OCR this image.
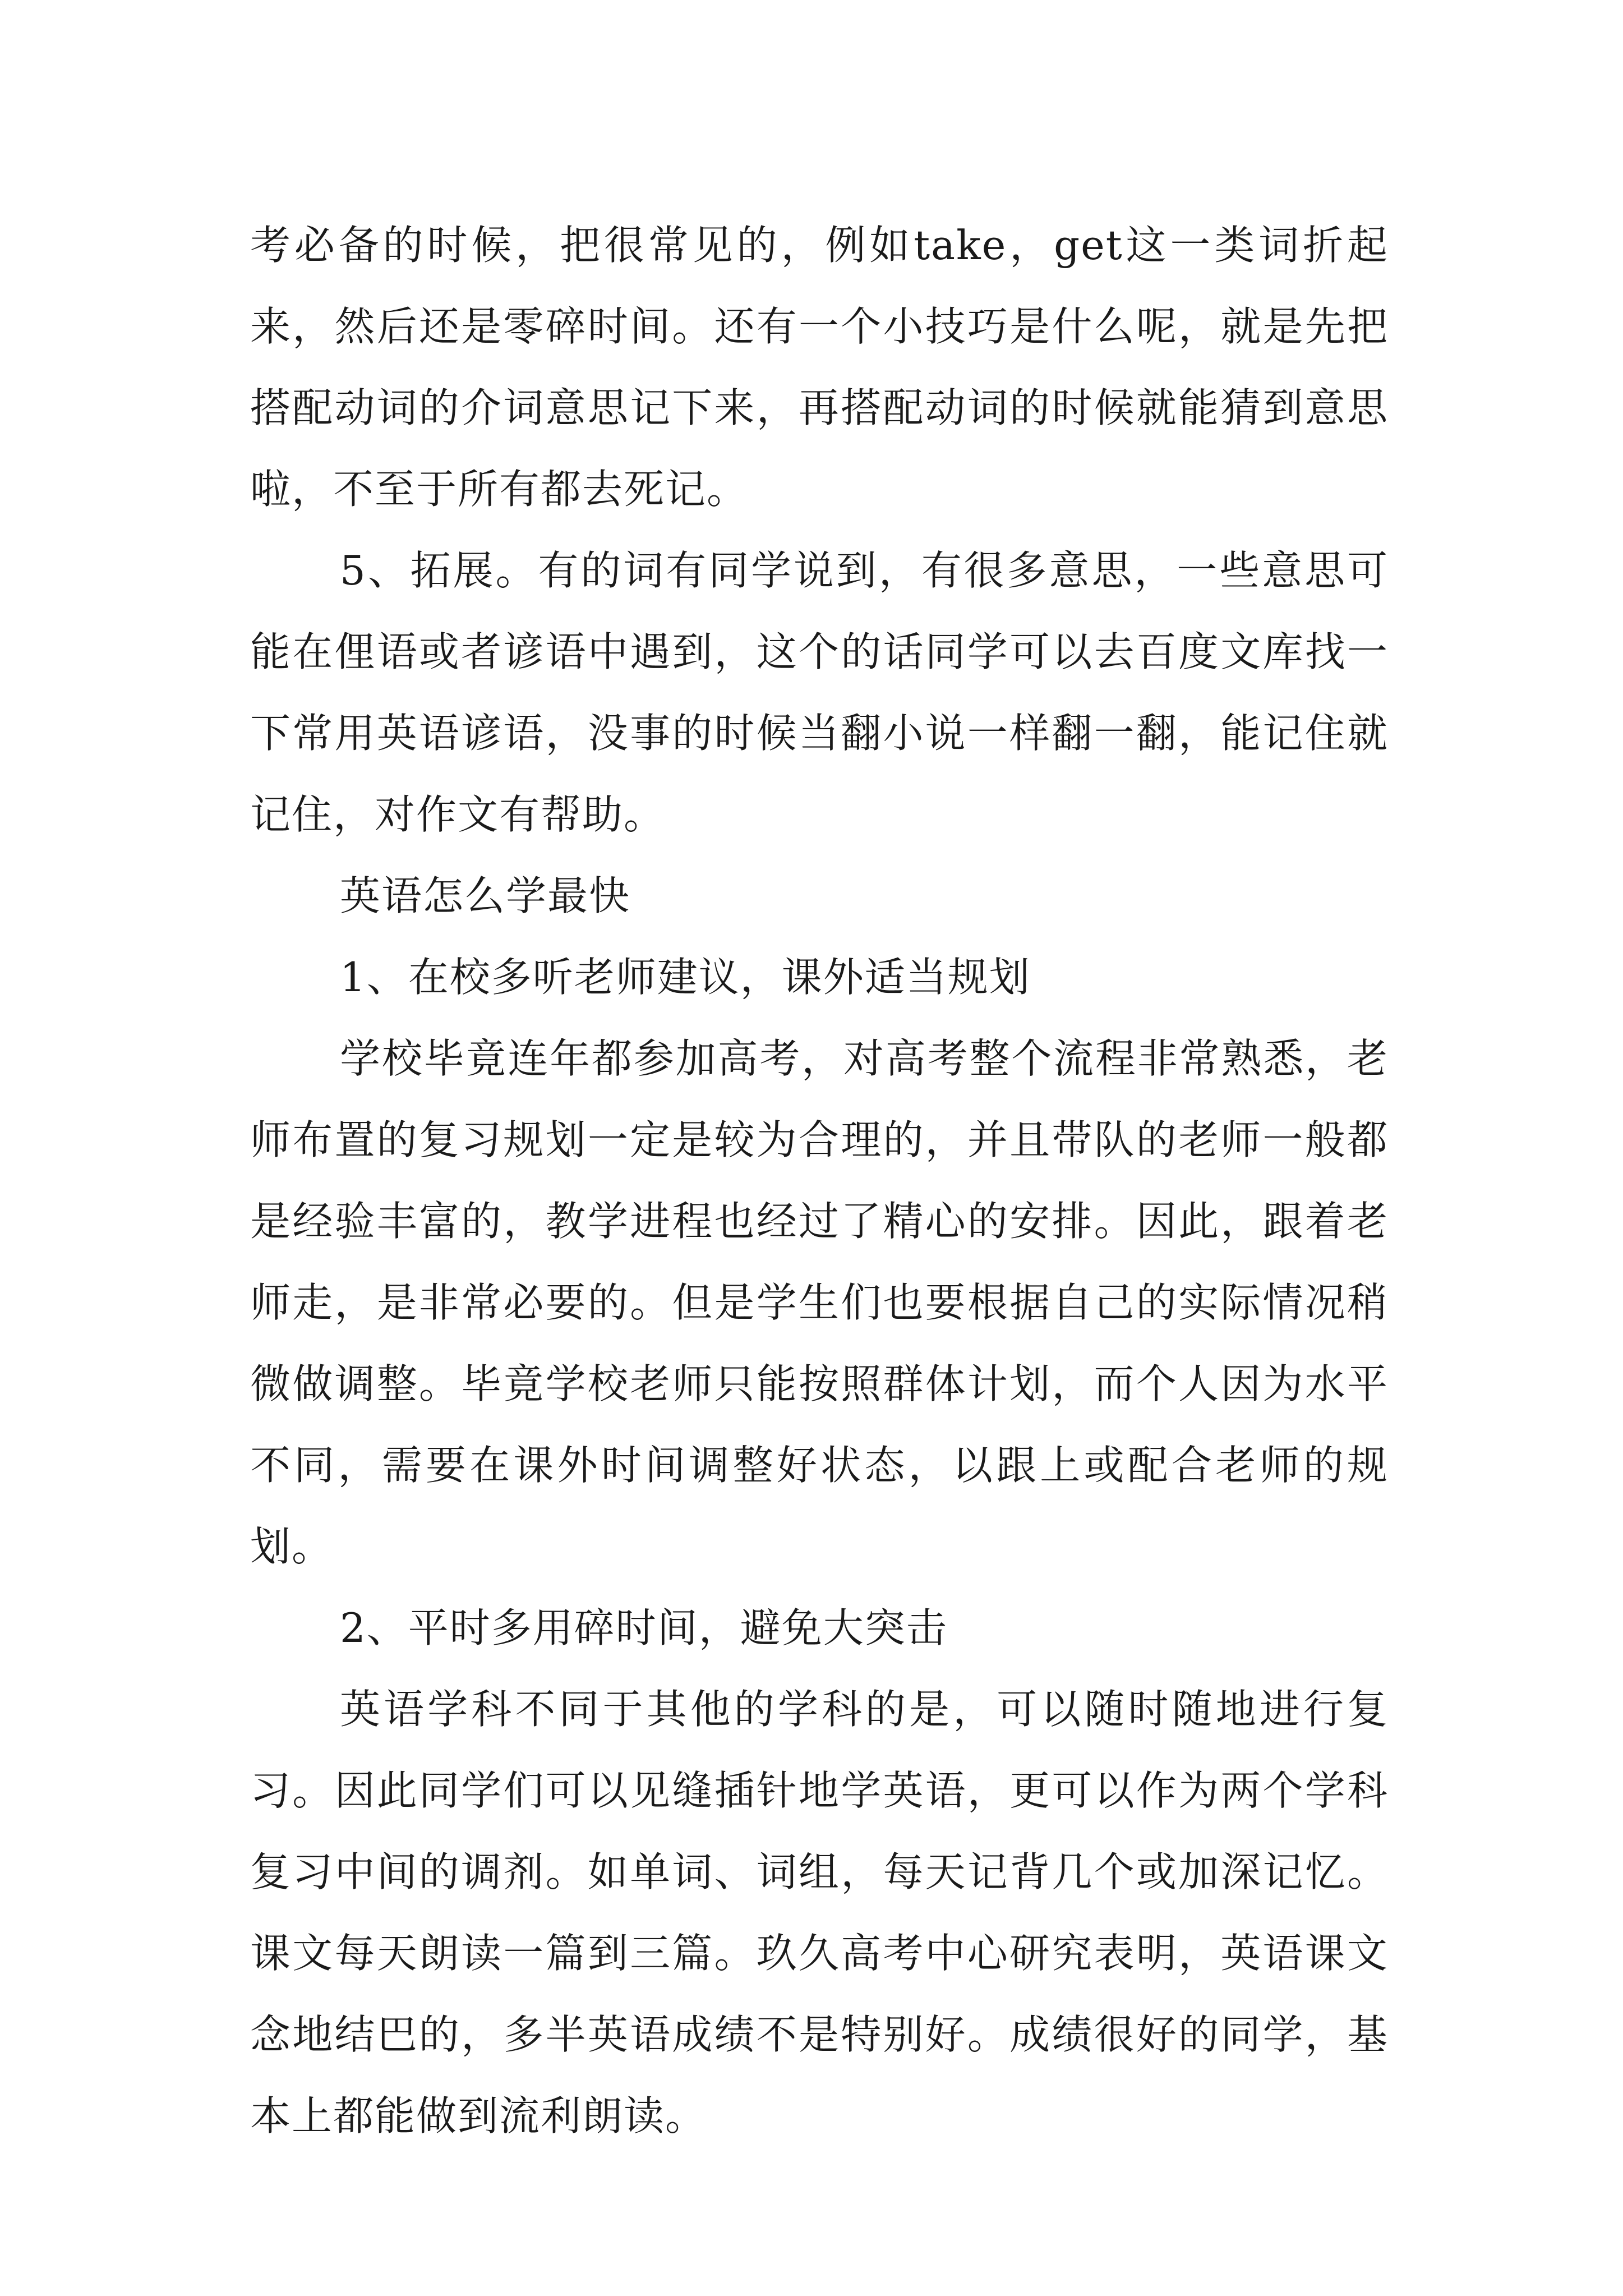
考必备的时候，把很常见的，例如take，get这一类词折起来，然后还是零碎时间。还有一个小技巧是什么呢，就是先把搭配动词的介词意思记下来，再搭配动词的时候就能猜到意思啦，不至于所有都去死记。

5、拓展。有的词有同学说到，有很多意思，一些意思可能在俚语或者谚语中遇到，这个的话同学可以去百度文库找一下常用英语谚语，没事的时候当翻小说一样翻一翻，能记住就记住，对作文有帮助。

英语怎么学最快

1、在校多听老师建议，课外适当规划

学校毕竟连年都参加高考，对高考整个流程非常熟悉，老师布置的复习规划一定是较为合理的，并且带队的老师一般都是经验丰富的，教学进程也经过了精心的安排。因此，跟着老师走，是非常必要的。但是学生们也要根据自己的实际情况稍微做调整。毕竟学校老师只能按照群体计划，而个人因为水平不同，需要在课外时间调整好状态，以跟上或配合老师的规划。

2、平时多用碎时间，避免大突击

英语学科不同于其他的学科的是，可以随时随地进行复习。因此同学们可以见缝插针地学英语，更可以作为两个学科复习中间的调剂。如单词、词组，每天记背几个或加深记忆。课文每天朗读一篇到三篇。玖久高考中心研究表明，英语课文念地结巴的，多半英语成绩不是特别好。成绩很好的同学，基本上都能做到流利朗读。
